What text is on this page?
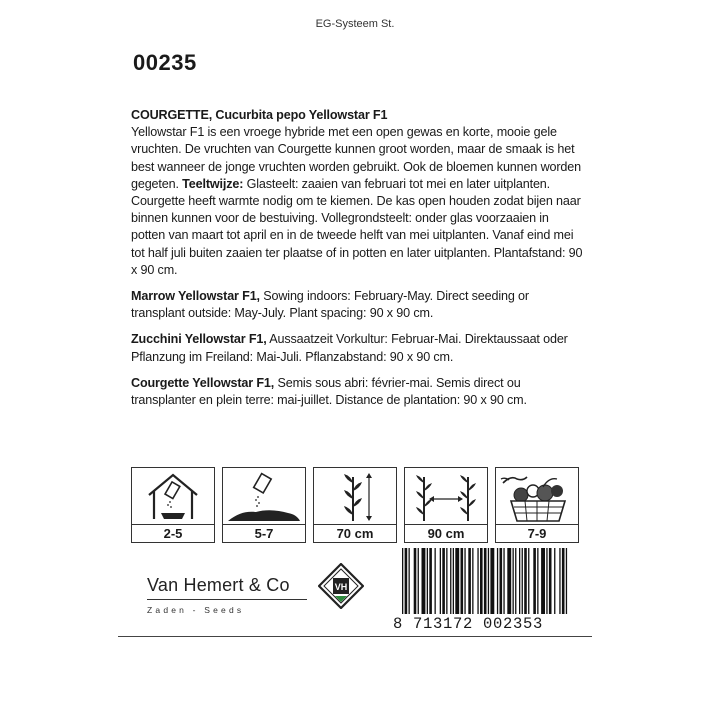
EG-Systeem St.
00235

COURGETTE, Cucurbita pepo Yellowstar F1
Yellowstar F1 is een vroege hybride met een open gewas en korte, mooie gele vruchten. De vruchten van Courgette kunnen groot worden, maar de smaak is het best wanneer de jonge vruchten worden gebruikt. Ook de bloemen kunnen worden gegeten. Teeltwijze: Glasteelt: zaaien van februari tot mei en later uitplanten. Courgette heeft warmte nodig om te kiemen. De kas open houden zodat bijen naar binnen kunnen voor de bestuiving. Vollegrondsteelt: onder glas voorzaaien in potten van maart tot april en in de tweede helft van mei uitplanten. Vanaf eind mei tot half juli buiten zaaien ter plaatse of in potten en later uitplanten. Plantafstand: 90 x 90 cm.

Marrow Yellowstar F1, Sowing indoors: February-May. Direct seeding or transplant outside: May-July. Plant spacing: 90 x 90 cm.

Zucchini Yellowstar F1, Aussaatzeit Vorkultur: Februar-Mai. Direktaussaat oder Pflanzung im Freiland: Mai-Juli. Pflanzabstand: 90 x 90 cm.

Courgette Yellowstar F1, Semis sous abri: février-mai. Semis direct ou transplanter en plein terre: mai-juillet. Distance de plantation: 90 x 90 cm.

2-5	5-7	70 cm	90 cm	7-9
Van Hemert & Co
Zaden - Seeds
VH
8 713172 002353
